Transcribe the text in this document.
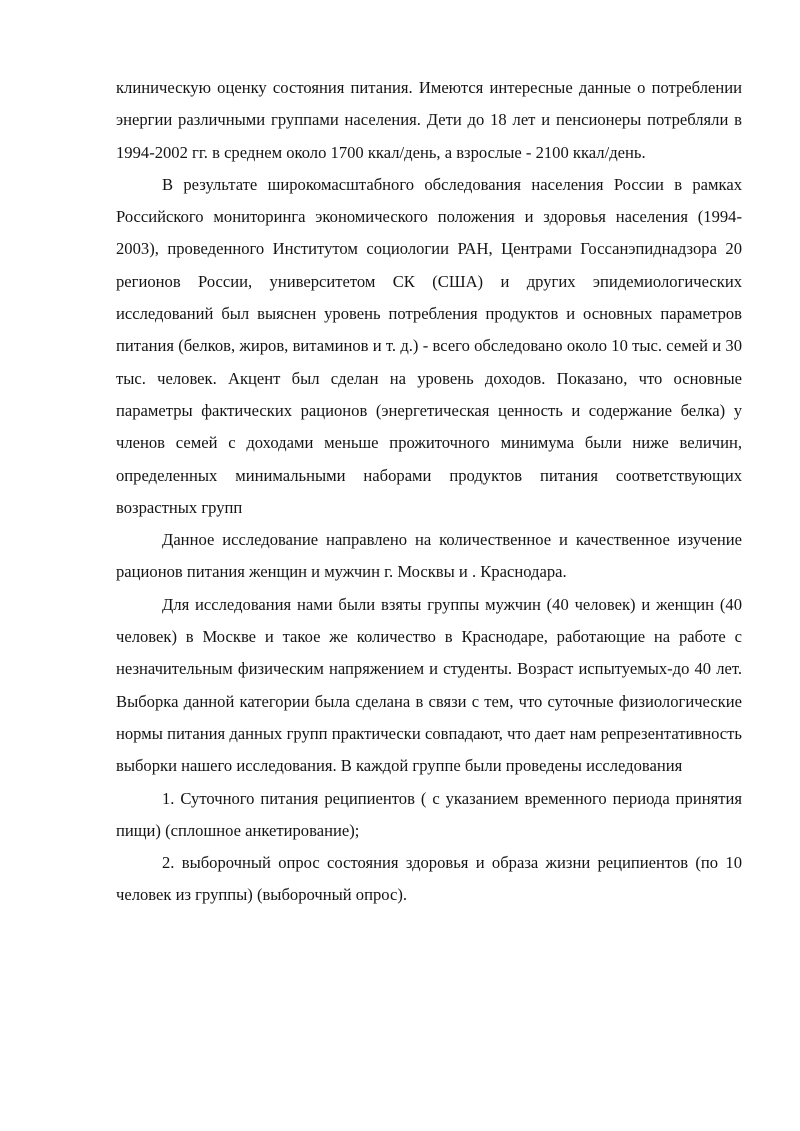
клиническую оценку состояния питания. Имеются интересные данные о потреблении энергии различными группами населения. Дети до 18 лет и пенсионеры потребляли в 1994-2002 гг. в среднем около 1700 ккал/день, а взрослые - 2100 ккал/день.

В результате широкомасштабного обследования населения России в рамках Российского мониторинга экономического положения и здоровья населения (1994-2003), проведенного Институтом социологии РАН, Центрами Госсанэпиднадзора 20 регионов России, университетом СК (США) и других эпидемиологических исследований был выяснен уровень потребления продуктов и основных параметров питания (белков, жиров, витаминов и т. д.) - всего обследовано около 10 тыс. семей и 30 тыс. человек. Акцент был сделан на уровень доходов. Показано, что основные параметры фактических рационов (энергетическая ценность и содержание белка) у членов семей с доходами меньше прожиточного минимума были ниже величин, определенных минимальными наборами продуктов питания соответствующих возрастных групп

Данное исследование направлено на количественное и качественное изучение рационов питания женщин и мужчин г. Москвы и . Краснодара.

Для исследования нами были взяты группы мужчин (40 человек) и женщин (40 человек) в Москве и такое же количество в Краснодаре, работающие на работе с незначительным физическим напряжением и студенты. Возраст испытуемых-до 40 лет. Выборка данной категории была сделана в связи с тем, что суточные физиологические нормы питания данных групп практически совпадают, что дает нам репрезентативность выборки нашего исследования. В каждой группе были проведены исследования

1. Суточного питания реципиентов ( с указанием временного периода принятия пищи) (сплошное анкетирование);

2. выборочный опрос состояния здоровья и образа жизни реципиентов (по 10 человек из группы) (выборочный опрос).
